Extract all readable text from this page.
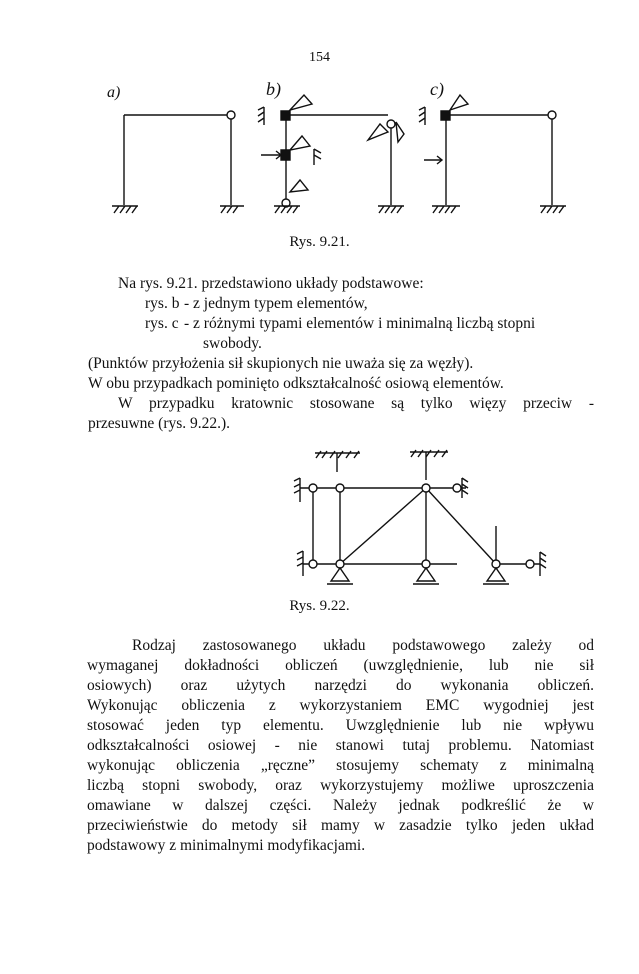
154
a)	b)	c)
Rys. 9.21.
Na rys. 9.21. przedstawiono układy podstawowe:
rys. b - z jednym typem elementów,
rys. c - z różnymi typami elementów i minimalną liczbą stopni
swobody.
(Punktów przyłożenia sił skupionych nie uważa się za węzły).
W obu przypadkach pominięto odkształcalność osiową elementów.
W przypadku kratownic stosowane są tylko więzy przeciw -
przesuwne (rys. 9.22.).
Rys. 9.22.
Rodzaj zastosowanego układu podstawowego zależy od
wymaganej dokładności obliczeń (uwzględnienie, lub nie sił
osiowych) oraz użytych narzędzi do wykonania obliczeń.
Wykonując obliczenia z wykorzystaniem EMC wygodniej jest
stosować jeden typ elementu. Uwzględnienie lub nie wpływu
odkształcalności osiowej - nie stanowi tutaj problemu. Natomiast
wykonując obliczenia „ręczne” stosujemy schematy z minimalną
liczbą stopni swobody, oraz wykorzystujemy możliwe uproszczenia
omawiane w dalszej części. Należy jednak podkreślić że w
przeciwieństwie do metody sił mamy w zasadzie tylko jeden układ
podstawowy z minimalnymi modyfikacjami.
